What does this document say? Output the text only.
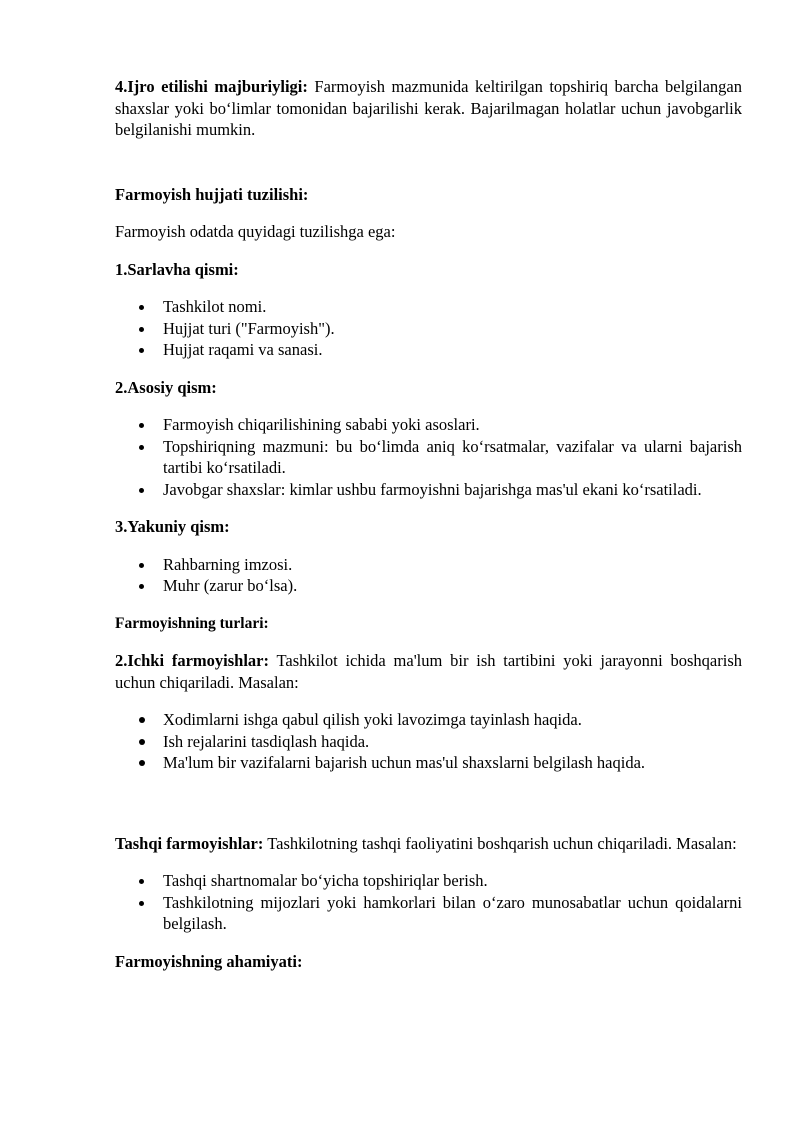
4.Ijro etilishi majburiyligi: Farmoyish mazmunida keltirilgan topshiriq barcha belgilangan shaxslar yoki bo‘limlar tomonidan bajarilishi kerak. Bajarilmagan holatlar uchun javobgarlik belgilanishi mumkin.

Farmoyish hujjati tuzilishi:

Farmoyish odatda quyidagi tuzilishga ega:

1.Sarlavha qismi:

Tashkilot nomi.
Hujjat turi ("Farmoyish").
Hujjat raqami va sanasi.

2.Asosiy qism:

Farmoyish chiqarilishining sababi yoki asoslari.
Topshiriqning mazmuni: bu bo‘limda aniq ko‘rsatmalar, vazifalar va ularni bajarish tartibi ko‘rsatiladi.
Javobgar shaxslar: kimlar ushbu farmoyishni bajarishga mas'ul ekani ko‘rsatiladi.

3.Yakuniy qism:

Rahbarning imzosi.
Muhr (zarur bo‘lsa).

Farmoyishning turlari:

2.Ichki farmoyishlar: Tashkilot ichida ma'lum bir ish tartibini yoki jarayonni boshqarish uchun chiqariladi. Masalan:

Xodimlarni ishga qabul qilish yoki lavozimga tayinlash haqida.
Ish rejalarini tasdiqlash haqida.
Ma'lum bir vazifalarni bajarish uchun mas'ul shaxslarni belgilash haqida.

Tashqi farmoyishlar: Tashkilotning tashqi faoliyatini boshqarish uchun chiqariladi. Masalan:

Tashqi shartnomalar bo‘yicha topshiriqlar berish.
Tashkilotning mijozlari yoki hamkorlari bilan o‘zaro munosabatlar uchun qoidalarni belgilash.

Farmoyishning ahamiyati:
